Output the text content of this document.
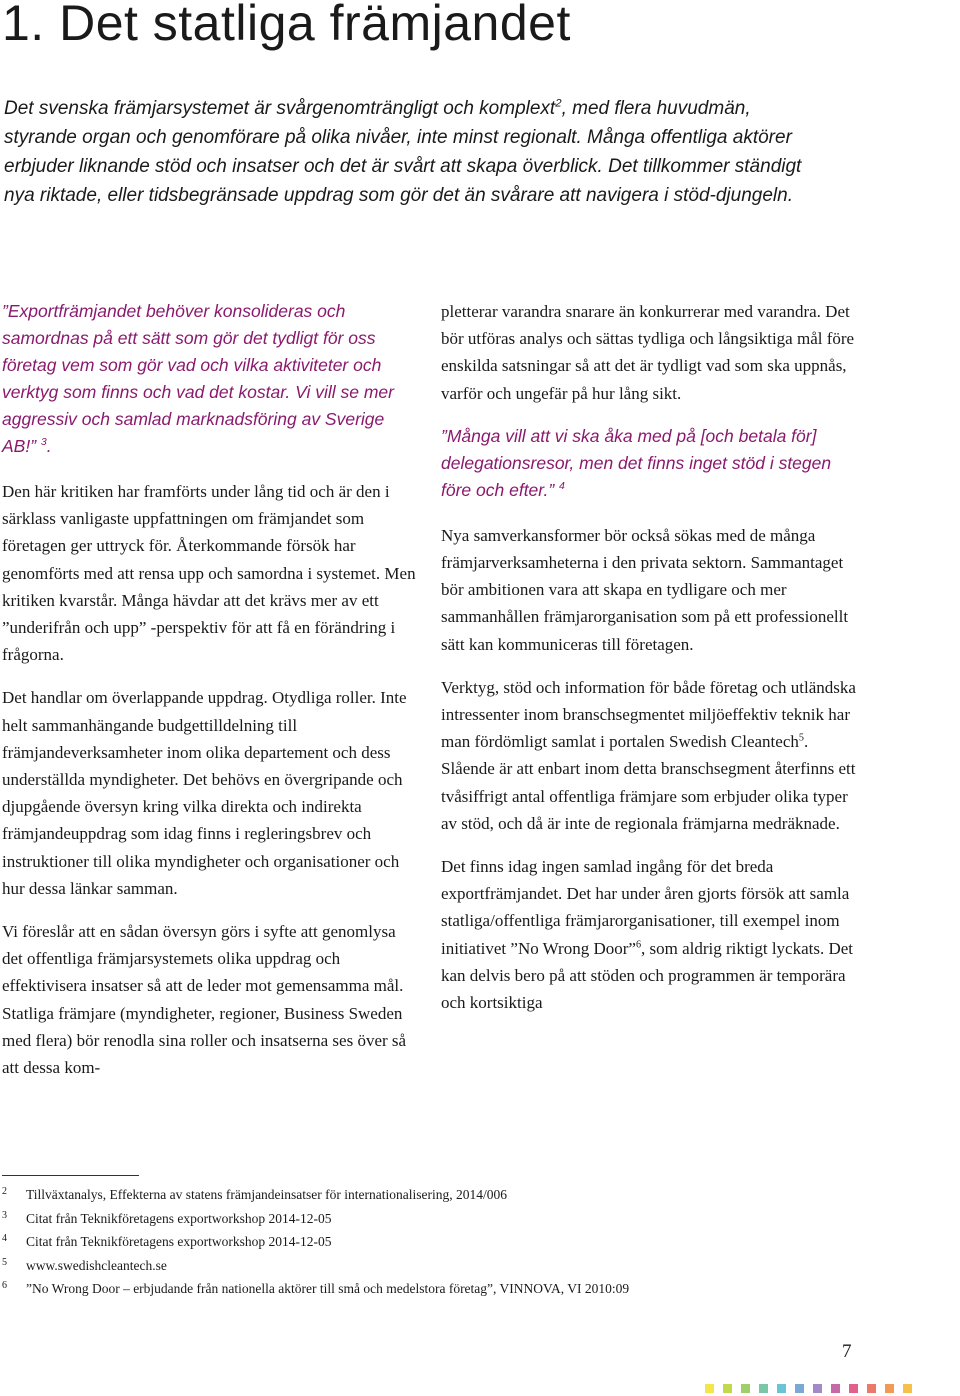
1. Det statliga främjandet

Det svenska främjarsystemet är svårgenomträngligt och komplext$^2$, med flera huvudmän, styrande organ och genomförare på olika nivåer, inte minst regionalt. Många offentliga aktörer erbjuder liknande stöd och insatser och det är svårt att skapa överblick. Det tillkommer ständigt nya riktade, eller tidsbegränsade uppdrag som gör det än svårare att navigera i stöd-djungeln.

”Exportfrämjandet behöver konsolideras och samordnas på ett sätt som gör det tydligt för oss företag vem som gör vad och vilka aktiviteter och verktyg som finns och vad det kostar. Vi vill se mer aggressiv och samlad marknadsföring av Sverige AB!” $^3$.

Den här kritiken har framförts under lång tid och är den i särklass vanligaste uppfattningen om främjandet som företagen ger uttryck för. Återkommande försök har genomförts med att rensa upp och samordna i systemet. Men kritiken kvarstår. Många hävdar att det krävs mer av ett ”underifrån och upp” -perspektiv för att få en förändring i frågorna.

Det handlar om överlappande uppdrag. Otydliga roller. Inte helt sammanhängande budgettilldelning till främjandeverksamheter inom olika departement och dess underställda myndigheter. Det behövs en övergripande och djupgående översyn kring vilka direkta och indirekta främjandeuppdrag som idag finns i regleringsbrev och instruktioner till olika myndigheter och organisationer och hur dessa länkar samman.

Vi föreslår att en sådan översyn görs i syfte att genomlysa det offentliga främjarsystemets olika uppdrag och effektivisera insatser så att de leder mot gemensamma mål. Statliga främjare (myndigheter, regioner, Business Sweden med flera) bör renodla sina roller och insatserna ses över så att dessa kom-

pletterar varandra snarare än konkurrerar med varandra. Det bör utföras analys och sättas tydliga och långsiktiga mål före enskilda satsningar så att det är tydligt vad som ska uppnås, varför och ungefär på hur lång sikt.

”Många vill att vi ska åka med på [och betala för] delegationsresor, men det finns inget stöd i stegen före och efter.” $^4$

Nya samverkansformer bör också sökas med de många främjarverksamheterna i den privata sektorn. Sammantaget bör ambitionen vara att skapa en tydligare och mer sammanhållen främjarorganisation som på ett professionellt sätt kan kommuniceras till företagen.

Verktyg, stöd och information för både företag och utländska intressenter inom branschsegmentet miljöeffektiv teknik har man fördömligt samlat i portalen Swedish Cleantech$^5$. Slående är att enbart inom detta branschsegment återfinns ett tvåsiffrigt antal offentliga främjare som erbjuder olika typer av stöd, och då är inte de regionala främjarna medräknade.

Det finns idag ingen samlad ingång för det breda exportfrämjandet. Det har under åren gjorts försök att samla statliga/offentliga främjarorganisationer, till exempel inom initiativet ”No Wrong Door”$^6$, som aldrig riktigt lyckats. Det kan delvis bero på att stöden och programmen är temporära och kortsiktiga

2 Tillväxtanalys, Effekterna av statens främjandeinsatser för internationalisering, 2014/006
3 Citat från Teknikföretagens exportworkshop 2014-12-05
4 Citat från Teknikföretagens exportworkshop 2014-12-05
5 www.swedishcleantech.se
6 ”No Wrong Door – erbjudande från nationella aktörer till små och medelstora företag”, VINNOVA, VI 2010:09
7
